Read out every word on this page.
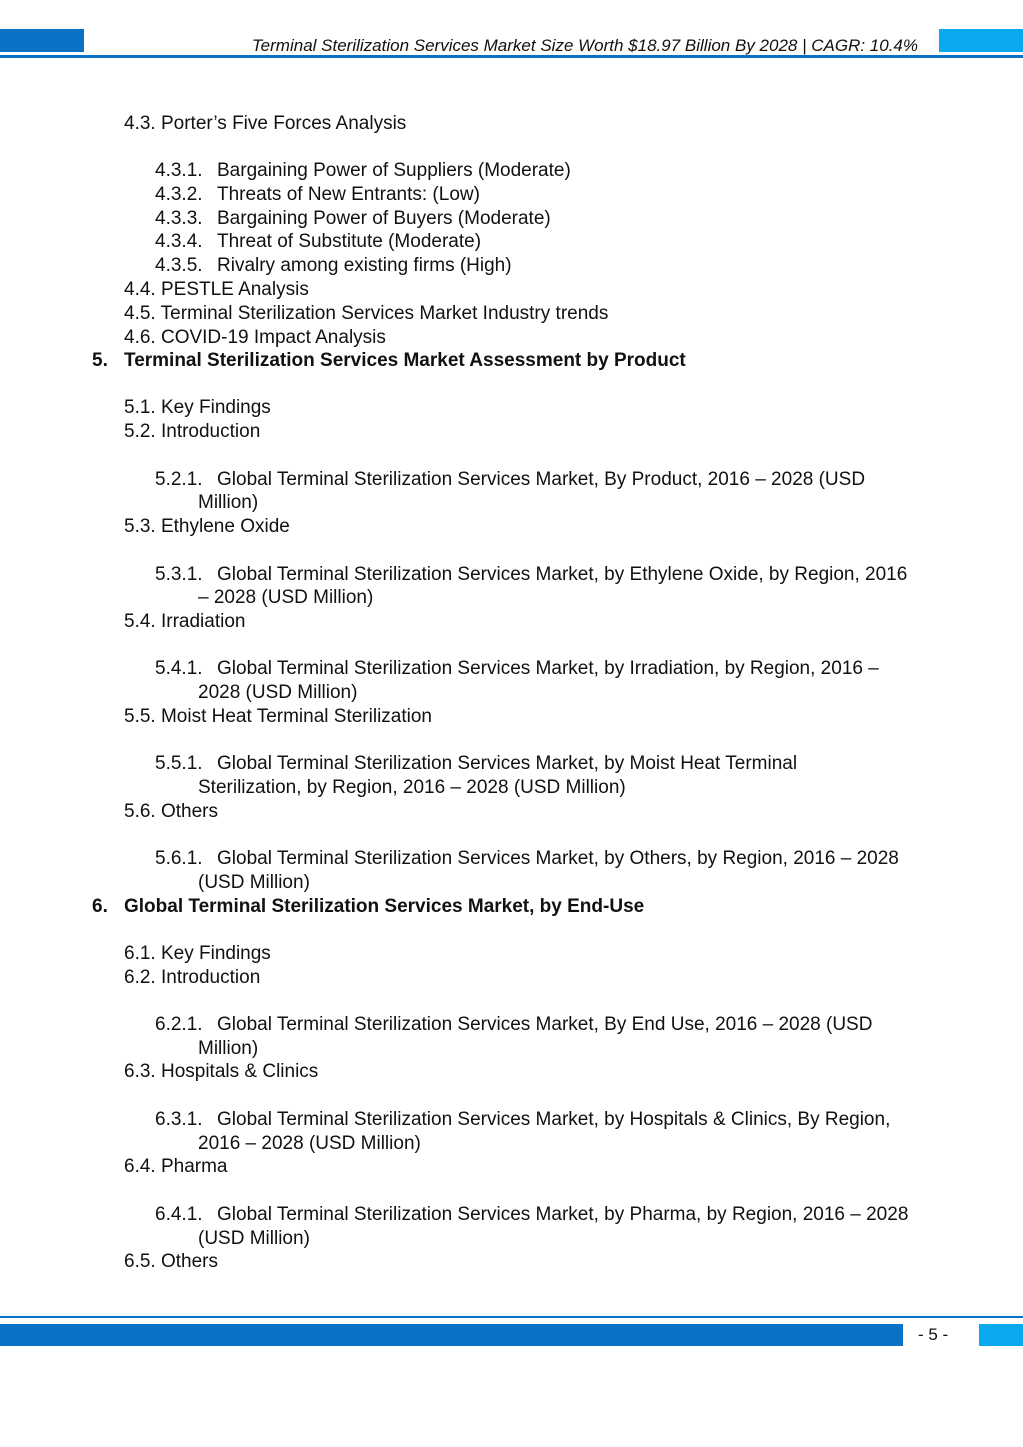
Terminal Sterilization Services Market Size Worth $18.97 Billion By 2028 | CAGR: 10.4%
4.3. Porter’s Five Forces Analysis
4.3.1. Bargaining Power of Suppliers (Moderate)
4.3.2. Threats of New Entrants: (Low)
4.3.3. Bargaining Power of Buyers (Moderate)
4.3.4. Threat of Substitute (Moderate)
4.3.5. Rivalry among existing firms (High)
4.4. PESTLE Analysis
4.5. Terminal Sterilization Services Market Industry trends
4.6. COVID-19 Impact Analysis
5. Terminal Sterilization Services Market Assessment by Product
5.1. Key Findings
5.2. Introduction
5.2.1. Global Terminal Sterilization Services Market, By Product, 2016 – 2028 (USD
Million)
5.3. Ethylene Oxide
5.3.1. Global Terminal Sterilization Services Market, by Ethylene Oxide, by Region, 2016
– 2028 (USD Million)
5.4. Irradiation
5.4.1. Global Terminal Sterilization Services Market, by Irradiation, by Region, 2016 –
2028 (USD Million)
5.5. Moist Heat Terminal Sterilization
5.5.1. Global Terminal Sterilization Services Market, by Moist Heat Terminal
Sterilization, by Region, 2016 – 2028 (USD Million)
5.6. Others
5.6.1. Global Terminal Sterilization Services Market, by Others, by Region, 2016 – 2028
(USD Million)
6. Global Terminal Sterilization Services Market, by End-Use
6.1. Key Findings
6.2. Introduction
6.2.1. Global Terminal Sterilization Services Market, By End Use, 2016 – 2028 (USD
Million)
6.3. Hospitals & Clinics
6.3.1. Global Terminal Sterilization Services Market, by Hospitals & Clinics, By Region,
2016 – 2028 (USD Million)
6.4. Pharma
6.4.1. Global Terminal Sterilization Services Market, by Pharma, by Region, 2016 – 2028
(USD Million)
6.5. Others
- 5 -
